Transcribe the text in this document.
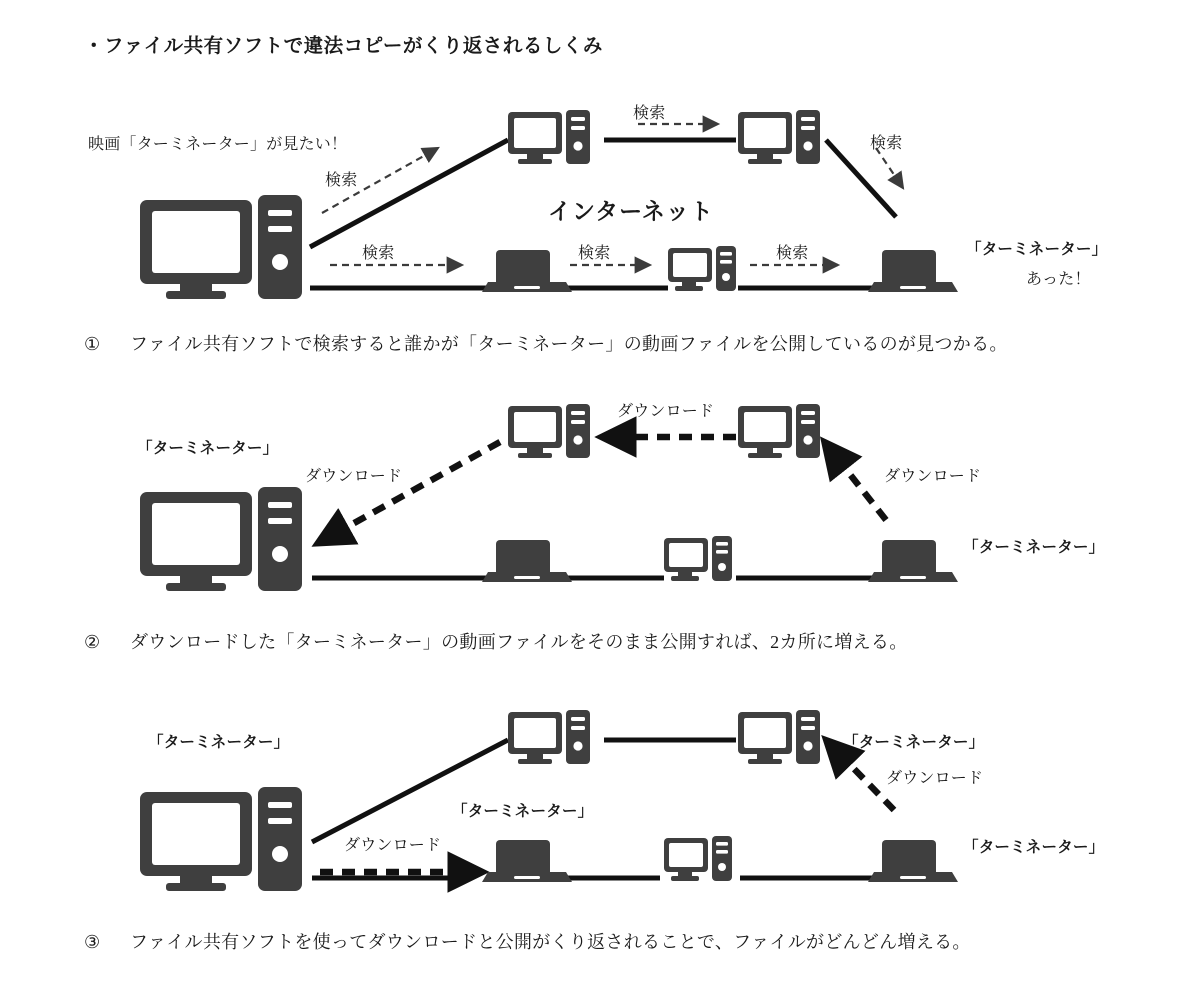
・ファイル共有ソフトで違法コピーがくり返されるしくみ
映画「ターミネーター」が見たい！
検索
検索	検索	検索
検索
検索
インターネット
「ターミネーター」
あった！
① ファイル共有ソフトで検索すると誰かが「ターミネーター」の動画ファイルを公開しているのが見つかる。
「ターミネーター」
ダウンロード
ダウンロード	ダウンロード
「ターミネーター」
② ダウンロードした「ターミネーター」の動画ファイルをそのまま公開すれば、2カ所に増える。
「ターミネーター」	「ターミネーター」
ダウンロード
「ターミネーター」
ダウンロード	「ターミネーター」
③ ファイル共有ソフトを使ってダウンロードと公開がくり返されることで、ファイルがどんどん増える。
